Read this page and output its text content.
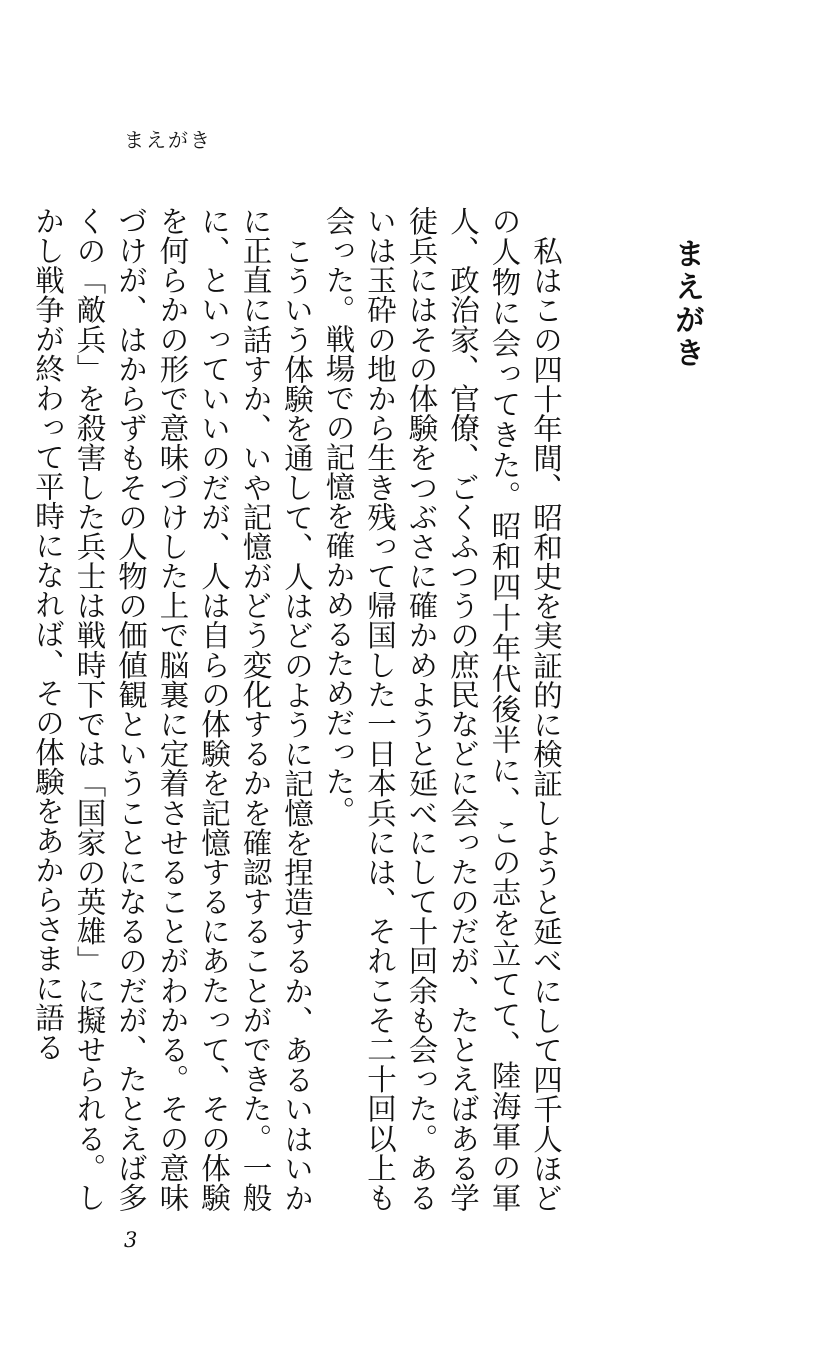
まえがき
まえがき

私はこの四十年間、昭和史を実証的に検証しようと延べにして四千人ほどの人物に会ってきた。昭和四十年代後半に、この志を立てて、陸海軍の軍人、政治家、官僚、ごくふつうの庶民などに会ったのだが、たとえばある学徒兵にはその体験をつぶさに確かめようと延べにして十回余も会った。あるいは玉砕の地から生き残って帰国した一日本兵には、それこそ二十回以上も会った。戦場での記憶を確かめるためだった。

こういう体験を通して、人はどのように記憶を捏造するか、あるいはいかに正直に話すか、いや記憶がどう変化するかを確認することができた。一般に、といっていいのだが、人は自らの体験を記憶するにあたって、その体験を何らかの形で意味づけした上で脳裏に定着させることがわかる。その意味づけが、はからずもその人物の価値観ということになるのだが、たとえば多くの「敵兵」を殺害した兵士は戦時下では「国家の英雄」に擬せられる。しかし戦争が終わって平時になれば、その体験をあからさまに語る

3
